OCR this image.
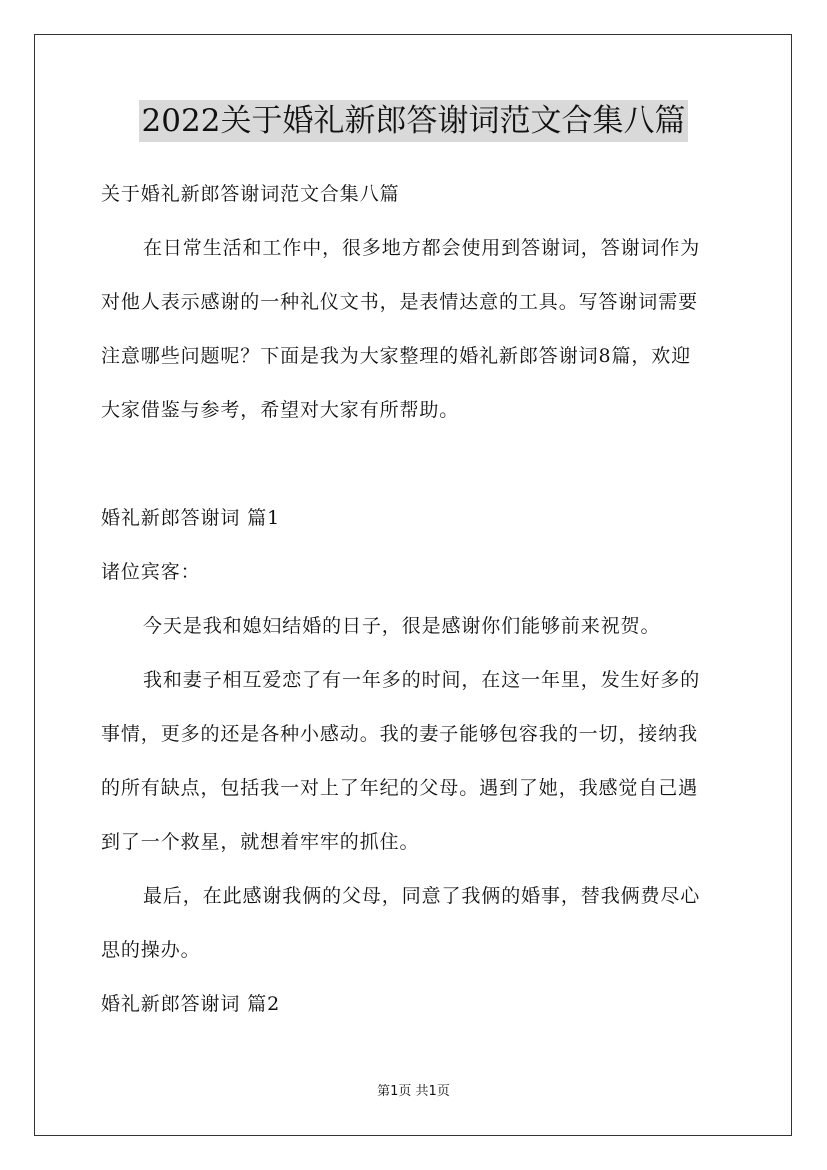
2022关于婚礼新郎答谢词范文合集八篇
关于婚礼新郎答谢词范文合集八篇
在日常生活和工作中，很多地方都会使用到答谢词，答谢词作为
对他人表示感谢的一种礼仪文书，是表情达意的工具。写答谢词需要
注意哪些问题呢？下面是我为大家整理的婚礼新郎答谢词8篇，欢迎
大家借鉴与参考，希望对大家有所帮助。
婚礼新郎答谢词 篇1
诸位宾客：
今天是我和媳妇结婚的日子，很是感谢你们能够前来祝贺。
我和妻子相互爱恋了有一年多的时间，在这一年里，发生好多的
事情，更多的还是各种小感动。我的妻子能够包容我的一切，接纳我
的所有缺点，包括我一对上了年纪的父母。遇到了她，我感觉自己遇
到了一个救星，就想着牢牢的抓住。
最后，在此感谢我俩的父母，同意了我俩的婚事，替我俩费尽心
思的操办。
婚礼新郎答谢词 篇2
第1页 共1页
